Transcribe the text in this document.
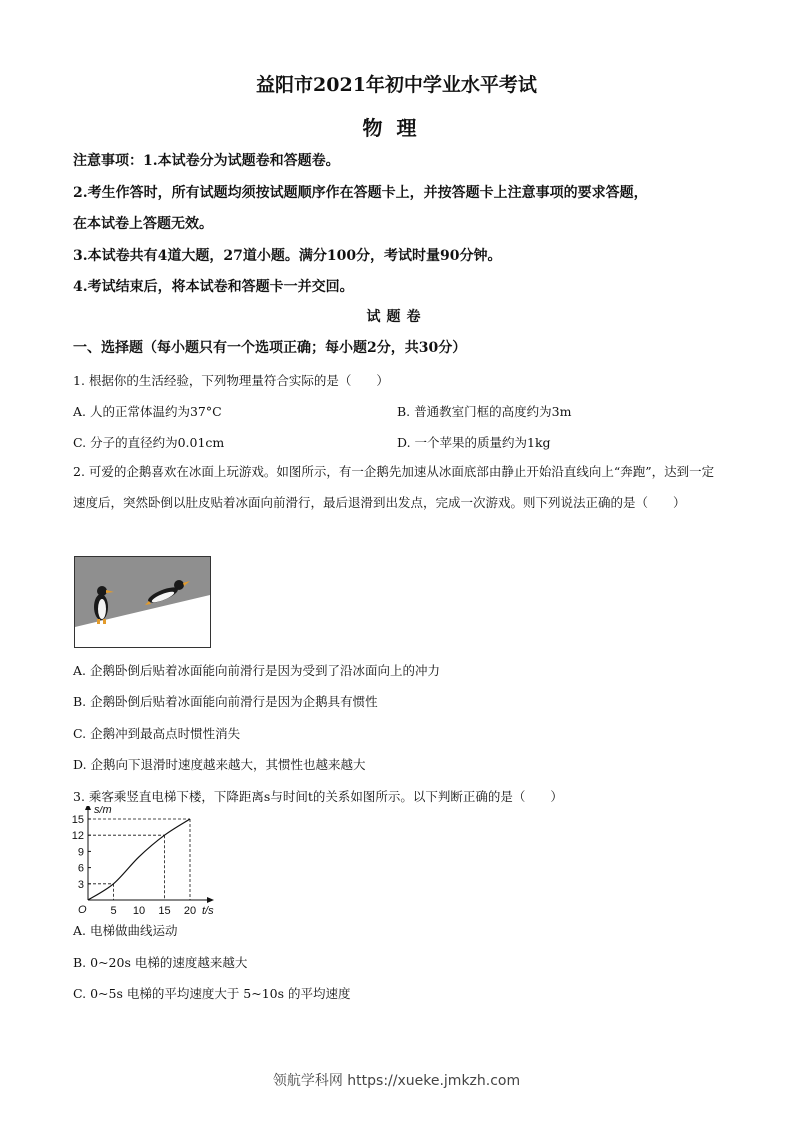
益阳市2021年初中学业水平考试
物理
注意事项：1.本试卷分为试题卷和答题卷。
2.考生作答时，所有试题均须按试题顺序作在答题卡上，并按答题卡上注意事项的要求答题，
在本试卷上答题无效。
3.本试卷共有4道大题，27道小题。满分100分，考试时量90分钟。
4.考试结束后，将本试卷和答题卡一并交回。
试题卷
一、选择题（每小题只有一个选项正确；每小题2分，共30分）
1. 根据你的生活经验，下列物理量符合实际的是（　　）
A. 人的正常体温约为37°C	B. 普通教室门框的高度约为3m
C. 分子的直径约为0.01cm	D. 一个苹果的质量约为1kg
2. 可爱的企鹅喜欢在冰面上玩游戏。如图所示，有一企鹅先加速从冰面底部由静止开始沿直线向上“奔跑”，达到一定速度后，突然卧倒以肚皮贴着冰面向前滑行，最后退滑到出发点，完成一次游戏。则下列说法正确的是（　　）
A. 企鹅卧倒后贴着冰面能向前滑行是因为受到了沿冰面向上的冲力
B. 企鹅卧倒后贴着冰面能向前滑行是因为企鹅具有惯性
C. 企鹅冲到最高点时惯性消失
D. 企鹅向下退滑时速度越来越大，其惯性也越来越大
3. 乘客乘竖直电梯下楼，下降距离s与时间t的关系如图所示。以下判断正确的是（　　）
s/m
t/s
O 5 10 15 20
3
6
9
12
15
A. 电梯做曲线运动
B. 0~20s 电梯的速度越来越大
C. 0~5s 电梯的平均速度大于 5~10s 的平均速度
领航学科网 https://xueke.jmkzh.com
